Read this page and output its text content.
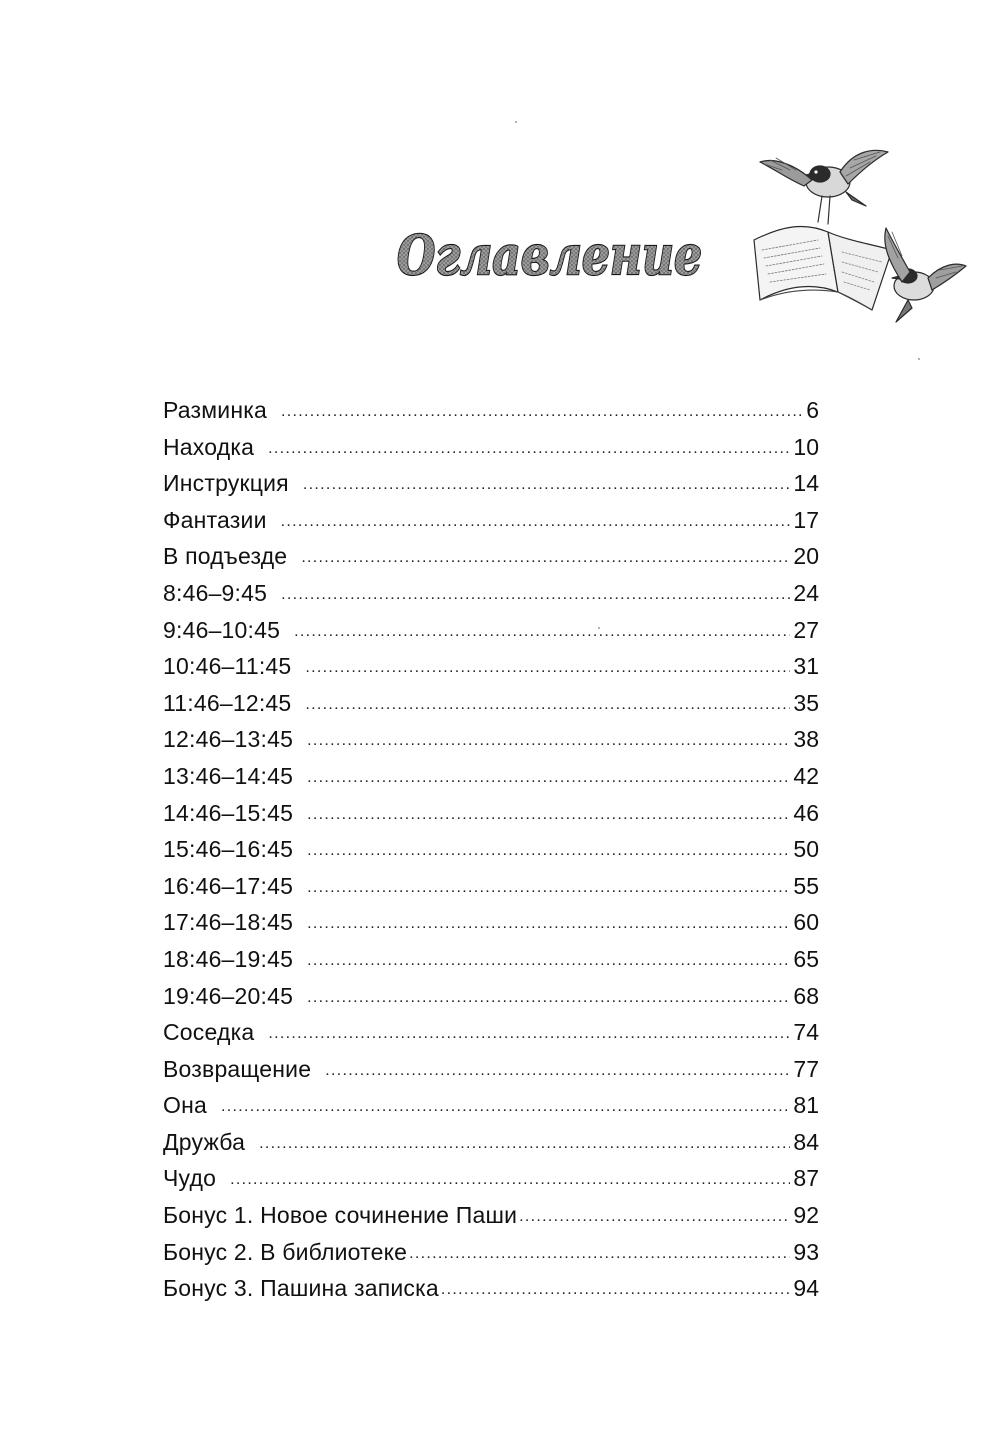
Оглавление
Разминка .....	6
Находка .....	10
Инструкция .....	14
Фантазии .....	17
В подъезде .....	20
8:46–9:45 .....	24
9:46–10:45 .....	27
10:46–11:45 .....	31
11:46–12:45 .....	35
12:46–13:45 .....	38
13:46–14:45 .....	42
14:46–15:45 .....	46
15:46–16:45 .....	50
16:46–17:45 .....	55
17:46–18:45 .....	60
18:46–19:45 .....	65
19:46–20:45 .....	68
Соседка .....	74
Возвращение .....	77
Она .....	81
Дружба .....	84
Чудо .....	87
Бонус 1. Новое сочинение Паши .....	92
Бонус 2. В библиотеке .....	93
Бонус 3. Пашина записка .....	94
